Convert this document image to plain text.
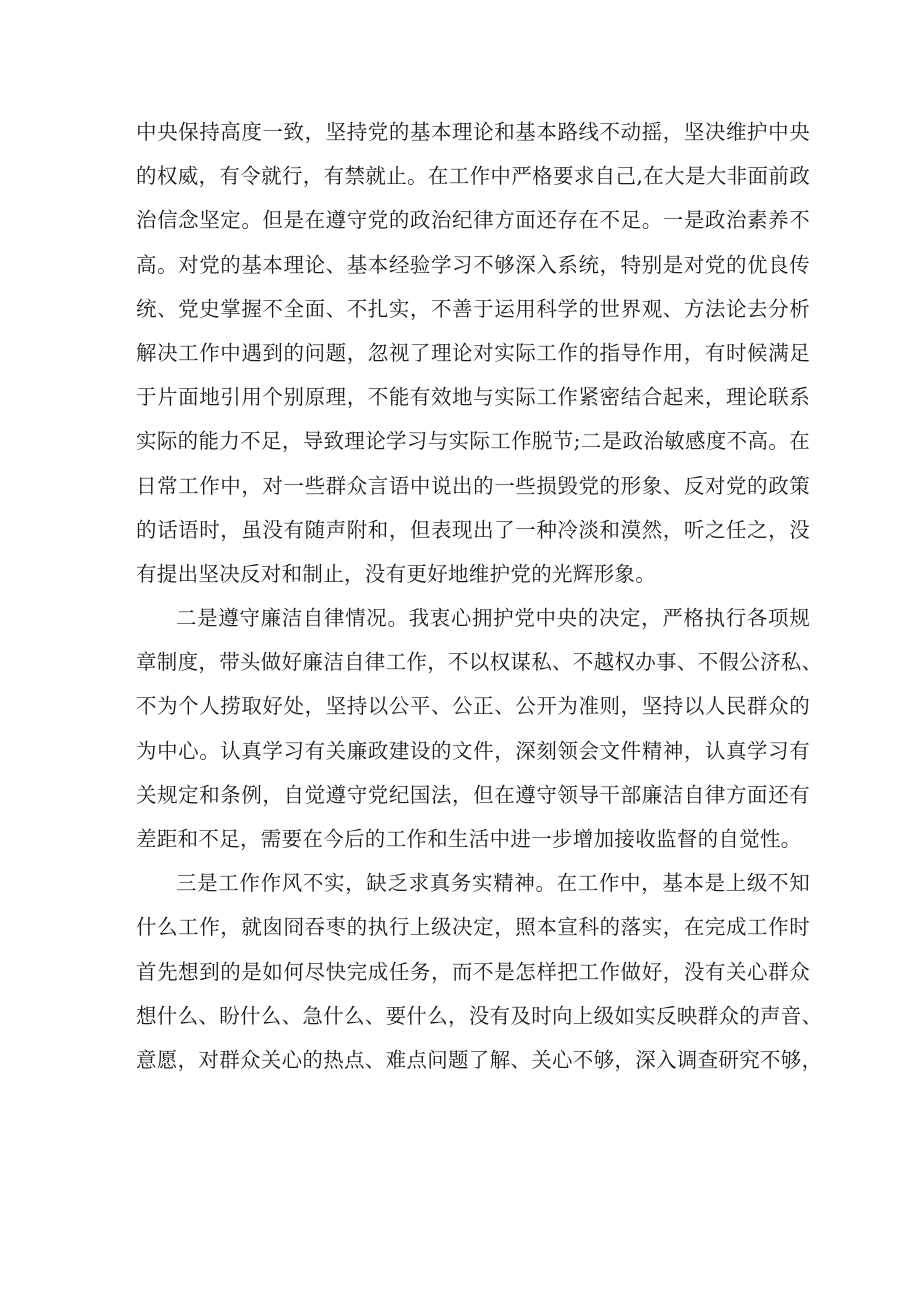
中央保持高度一致，坚持党的基本理论和基本路线不动摇，坚决维护中央
的权威，有令就行，有禁就止。在工作中严格要求自己,在大是大非面前政
治信念坚定。但是在遵守党的政治纪律方面还存在不足。一是政治素养不
高。对党的基本理论、基本经验学习不够深入系统，特别是对党的优良传
统、党史掌握不全面、不扎实，不善于运用科学的世界观、方法论去分析
解决工作中遇到的问题，忽视了理论对实际工作的指导作用，有时候满足
于片面地引用个别原理，不能有效地与实际工作紧密结合起来，理论联系
实际的能力不足，导致理论学习与实际工作脱节;二是政治敏感度不高。在
日常工作中，对一些群众言语中说出的一些损毁党的形象、反对党的政策
的话语时，虽没有随声附和，但表现出了一种冷淡和漠然，听之任之，没
有提出坚决反对和制止，没有更好地维护党的光辉形象。
二是遵守廉洁自律情况。我衷心拥护党中央的决定，严格执行各项规
章制度，带头做好廉洁自律工作，不以权谋私、不越权办事、不假公济私、
不为个人捞取好处，坚持以公平、公正、公开为准则，坚持以人民群众的
为中心。认真学习有关廉政建设的文件，深刻领会文件精神，认真学习有
关规定和条例，自觉遵守党纪国法，但在遵守领导干部廉洁自律方面还有
差距和不足，需要在今后的工作和生活中进一步增加接收监督的自觉性。
三是工作作风不实，缺乏求真务实精神。在工作中，基本是上级不知
什么工作，就囱冏吞枣的执行上级决定，照本宣科的落实，在完成工作时
首先想到的是如何尽快完成任务，而不是怎样把工作做好，没有关心群众
想什么、盼什么、急什么、要什么，没有及时向上级如实反映群众的声音、
意愿，对群众关心的热点、难点问题了解、关心不够，深入调查研究不够，
